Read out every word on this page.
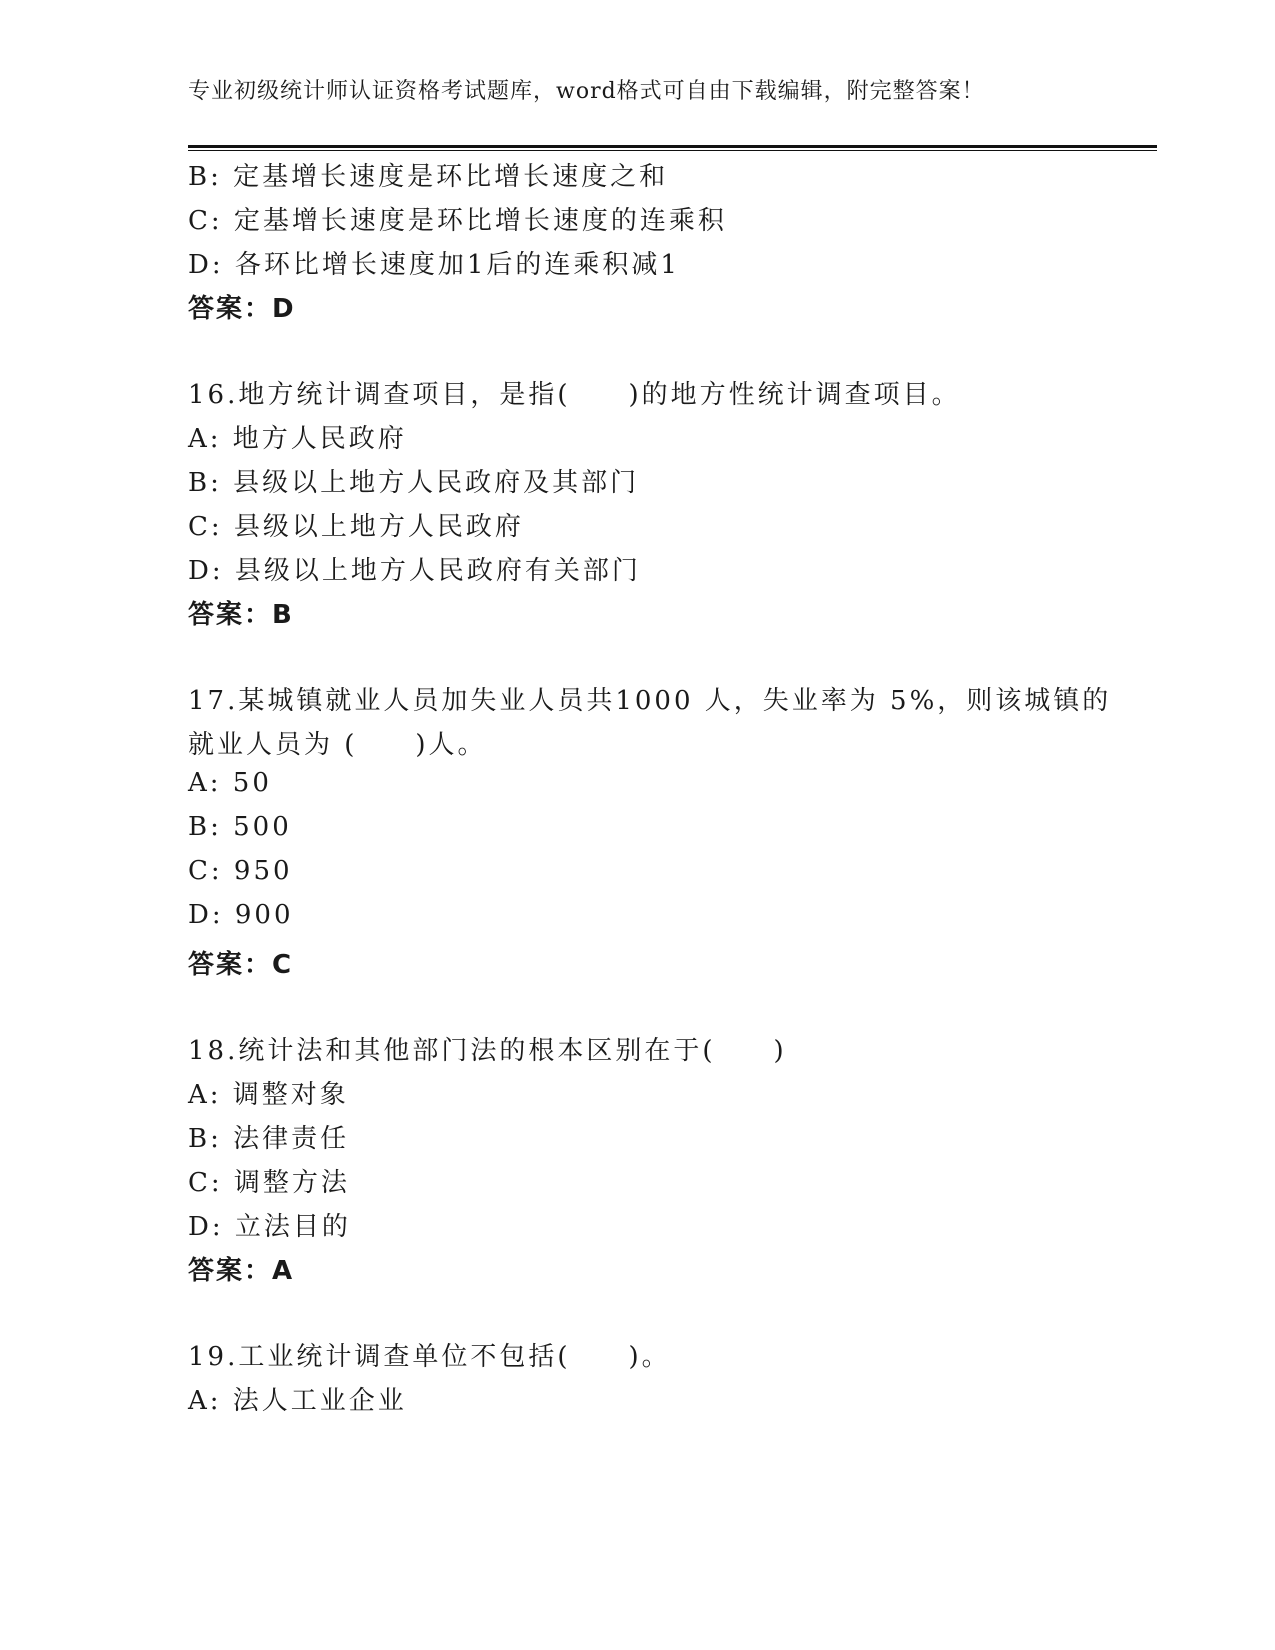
专业初级统计师认证资格考试题库，word格式可自由下载编辑，附完整答案！
B: 定基增长速度是环比增长速度之和
C: 定基增长速度是环比增长速度的连乘积
D: 各环比增长速度加1后的连乘积减1
答案：D
16.地方统计调查项目，是指(　　)的地方性统计调查项目。
A: 地方人民政府
B: 县级以上地方人民政府及其部门
C: 县级以上地方人民政府
D: 县级以上地方人民政府有关部门
答案：B
17.某城镇就业人员加失业人员共1000 人，失业率为 5%，则该城镇的
就业人员为 (　　)人。
A: 50
B: 500
C: 950
D: 900
答案：C
18.统计法和其他部门法的根本区别在于(　　)
A: 调整对象
B: 法律责任
C: 调整方法
D: 立法目的
答案：A
19.工业统计调查单位不包括(　　)。
A: 法人工业企业
